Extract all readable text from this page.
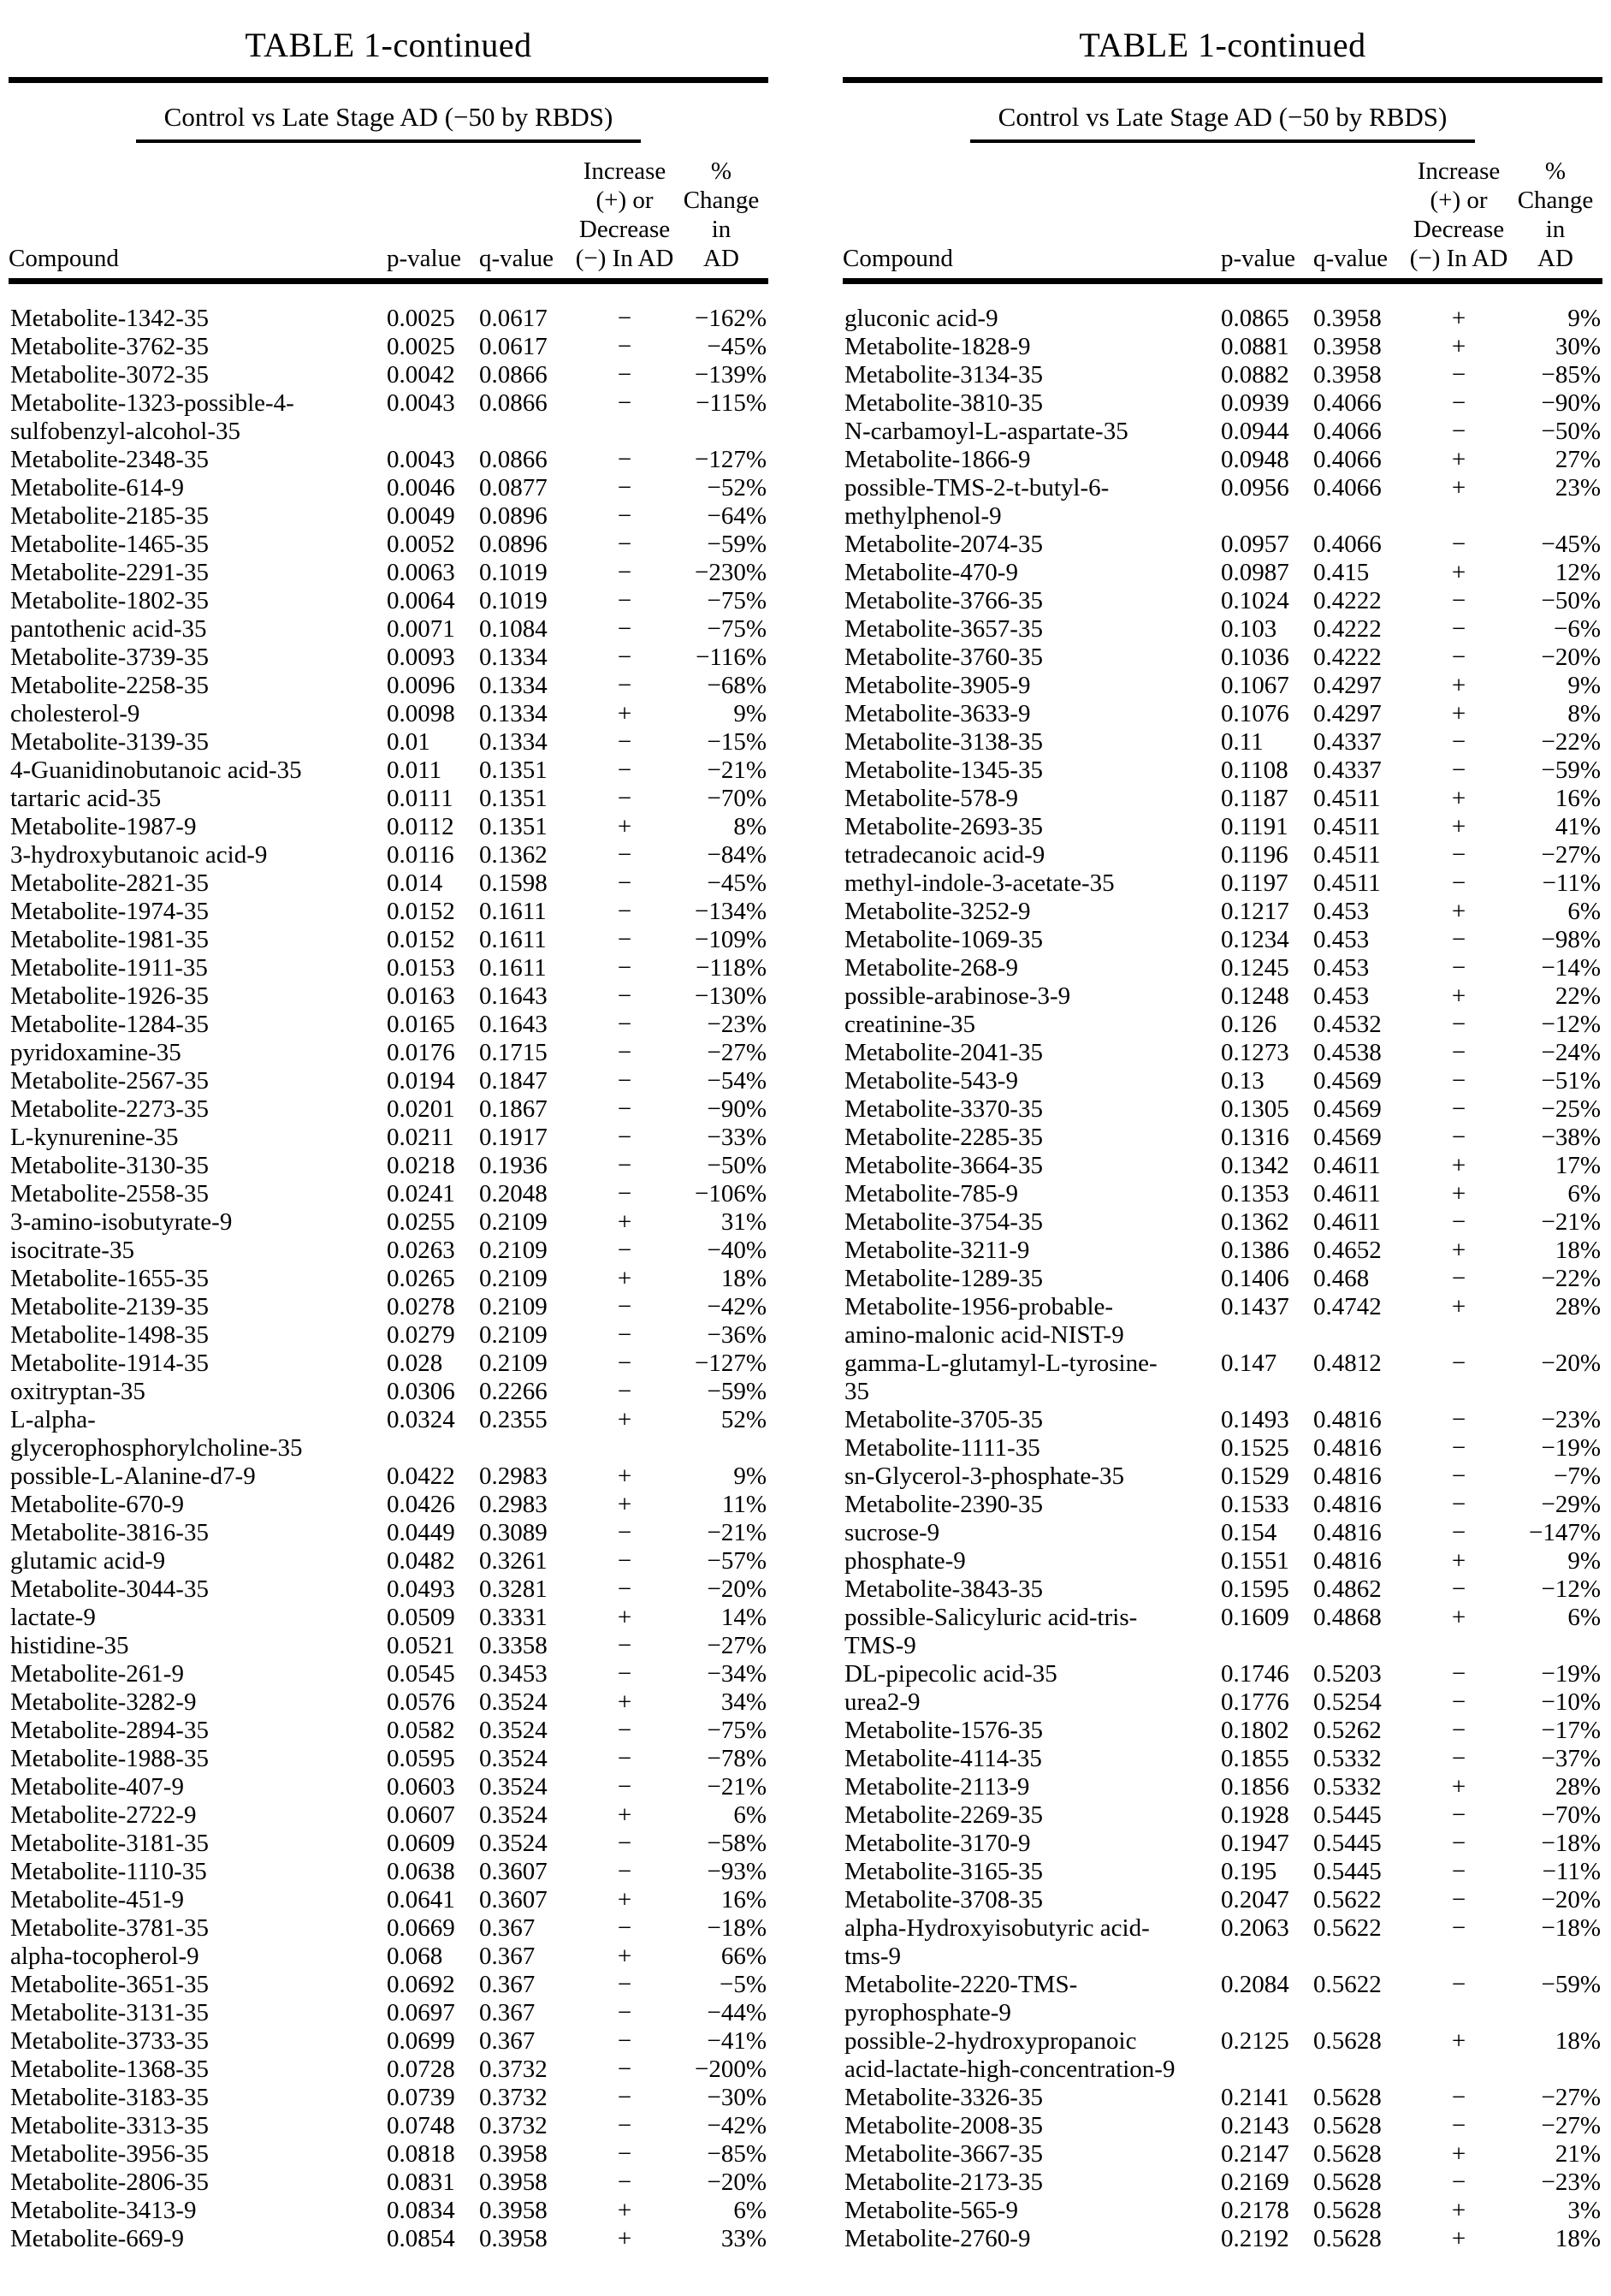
TABLE 1-continued
Control vs Late Stage AD (−50 by RBDS)
Compound	p-value q-value
Increase
(+) or
Decrease
(−) In AD
%
Change
in
AD
Metabolite-1342-35	0.0025 0.0617	−	−162%
Metabolite-3762-35	0.0025 0.0617	−	−45%
Metabolite-3072-35	0.0042 0.0866	−	−139%
Metabolite-1323-possible-4-
sulfobenzyl-alcohol-35
0.0043 0.0866	−	−115%
Metabolite-2348-35	0.0043 0.0866	−	−127%
Metabolite-614-9	0.0046 0.0877	−	−52%
Metabolite-2185-35	0.0049 0.0896	−	−64%
Metabolite-1465-35	0.0052 0.0896	−	−59%
Metabolite-2291-35	0.0063 0.1019	−	−230%
Metabolite-1802-35	0.0064 0.1019	−	−75%
pantothenic acid-35	0.0071 0.1084	−	−75%
Metabolite-3739-35	0.0093 0.1334	−	−116%
Metabolite-2258-35	0.0096 0.1334	−	−68%
cholesterol-9	0.0098 0.1334	+	9%
Metabolite-3139-35	0.01	0.1334	−	−15%
4-Guanidinobutanoic acid-35	0.011	0.1351	−	−21%
tartaric acid-35	0.0111	0.1351	−	−70%
Metabolite-1987-9	0.0112	0.1351	+	8%
3-hydroxybutanoic acid-9	0.0116	0.1362	−	−84%
Metabolite-2821-35	0.014	0.1598	−	−45%
Metabolite-1974-35	0.0152 0.1611	−	−134%
Metabolite-1981-35	0.0152 0.1611	−	−109%
Metabolite-1911-35	0.0153 0.1611	−	−118%
Metabolite-1926-35	0.0163 0.1643	−	−130%
Metabolite-1284-35	0.0165 0.1643	−	−23%
pyridoxamine-35	0.0176 0.1715	−	−27%
Metabolite-2567-35	0.0194 0.1847	−	−54%
Metabolite-2273-35	0.0201 0.1867	−	−90%
L-kynurenine-35	0.0211	0.1917	−	−33%
Metabolite-3130-35	0.0218 0.1936	−	−50%
Metabolite-2558-35	0.0241 0.2048	−	−106%
3-amino-isobutyrate-9	0.0255 0.2109	+	31%
isocitrate-35	0.0263 0.2109	−	−40%
Metabolite-1655-35	0.0265 0.2109	+	18%
Metabolite-2139-35	0.0278 0.2109	−	−42%
Metabolite-1498-35	0.0279 0.2109	−	−36%
Metabolite-1914-35	0.028	0.2109	−	−127%
oxitryptan-35	0.0306 0.2266	−	−59%
L-alpha-
glycerophosphorylcholine-35
0.0324 0.2355	+	52%
possible-L-Alanine-d7-9	0.0422 0.2983	+	9%
Metabolite-670-9	0.0426 0.2983	+	11%
Metabolite-3816-35	0.0449 0.3089	−	−21%
glutamic acid-9	0.0482 0.3261	−	−57%
Metabolite-3044-35	0.0493 0.3281	−	−20%
lactate-9	0.0509 0.3331	+	14%
histidine-35	0.0521 0.3358	−	−27%
Metabolite-261-9	0.0545 0.3453	−	−34%
Metabolite-3282-9	0.0576 0.3524	+	34%
Metabolite-2894-35	0.0582 0.3524	−	−75%
Metabolite-1988-35	0.0595 0.3524	−	−78%
Metabolite-407-9	0.0603 0.3524	−	−21%
Metabolite-2722-9	0.0607 0.3524	+	6%
Metabolite-3181-35	0.0609 0.3524	−	−58%
Metabolite-1110-35	0.0638 0.3607	−	−93%
Metabolite-451-9	0.0641 0.3607	+	16%
Metabolite-3781-35	0.0669 0.367	−	−18%
alpha-tocopherol-9	0.068	0.367	+	66%
Metabolite-3651-35	0.0692 0.367	−	−5%
Metabolite-3131-35	0.0697 0.367	−	−44%
Metabolite-3733-35	0.0699 0.367	−	−41%
Metabolite-1368-35	0.0728 0.3732	−	−200%
Metabolite-3183-35	0.0739 0.3732	−	−30%
Metabolite-3313-35	0.0748 0.3732	−	−42%
Metabolite-3956-35	0.0818 0.3958	−	−85%
Metabolite-2806-35	0.0831 0.3958	−	−20%
Metabolite-3413-9	0.0834 0.3958	+	6%
Metabolite-669-9	0.0854 0.3958	+	33%
TABLE 1-continued
Control vs Late Stage AD (−50 by RBDS)
Compound	p-value q-value
Increase
(+) or
Decrease
(−) In AD
%
Change
in
AD
gluconic acid-9	0.0865 0.3958	+	9%
Metabolite-1828-9	0.0881 0.3958	+	30%
Metabolite-3134-35	0.0882 0.3958	−	−85%
Metabolite-3810-35	0.0939 0.4066	−	−90%
N-carbamoyl-L-aspartate-35	0.0944 0.4066	−	−50%
Metabolite-1866-9	0.0948 0.4066	+	27%
possible-TMS-2-t-butyl-6-
methylphenol-9
0.0956 0.4066	+	23%
Metabolite-2074-35	0.0957 0.4066	−	−45%
Metabolite-470-9	0.0987 0.415	+	12%
Metabolite-3766-35	0.1024 0.4222	−	−50%
Metabolite-3657-35	0.103	0.4222	−	−6%
Metabolite-3760-35	0.1036 0.4222	−	−20%
Metabolite-3905-9	0.1067 0.4297	+	9%
Metabolite-3633-9	0.1076 0.4297	+	8%
Metabolite-3138-35	0.11	0.4337	−	−22%
Metabolite-1345-35	0.1108	0.4337	−	−59%
Metabolite-578-9	0.1187	0.4511	+	16%
Metabolite-2693-35	0.1191	0.4511	+	41%
tetradecanoic acid-9	0.1196	0.4511	−	−27%
methyl-indole-3-acetate-35	0.1197	0.4511	−	−11%
Metabolite-3252-9	0.1217 0.453	+	6%
Metabolite-1069-35	0.1234 0.453	−	−98%
Metabolite-268-9	0.1245 0.453	−	−14%
possible-arabinose-3-9	0.1248 0.453	+	22%
creatinine-35	0.126	0.4532	−	−12%
Metabolite-2041-35	0.1273 0.4538	−	−24%
Metabolite-543-9	0.13	0.4569	−	−51%
Metabolite-3370-35	0.1305 0.4569	−	−25%
Metabolite-2285-35	0.1316 0.4569	−	−38%
Metabolite-3664-35	0.1342 0.4611	+	17%
Metabolite-785-9	0.1353 0.4611	+	6%
Metabolite-3754-35	0.1362 0.4611	−	−21%
Metabolite-3211-9	0.1386 0.4652	+	18%
Metabolite-1289-35	0.1406 0.468	−	−22%
Metabolite-1956-probable-
amino-malonic acid-NIST-9
0.1437 0.4742	+	28%
gamma-L-glutamyl-L-tyrosine-
35
0.147	0.4812	−	−20%
Metabolite-3705-35	0.1493 0.4816	−	−23%
Metabolite-1111-35	0.1525 0.4816	−	−19%
sn-Glycerol-3-phosphate-35	0.1529 0.4816	−	−7%
Metabolite-2390-35	0.1533 0.4816	−	−29%
sucrose-9	0.154	0.4816	−	−147%
phosphate-9	0.1551 0.4816	+	9%
Metabolite-3843-35	0.1595 0.4862	−	−12%
possible-Salicyluric acid-tris-
TMS-9
0.1609 0.4868	+	6%
DL-pipecolic acid-35	0.1746 0.5203	−	−19%
urea2-9	0.1776 0.5254	−	−10%
Metabolite-1576-35	0.1802 0.5262	−	−17%
Metabolite-4114-35	0.1855 0.5332	−	−37%
Metabolite-2113-9	0.1856 0.5332	+	28%
Metabolite-2269-35	0.1928 0.5445	−	−70%
Metabolite-3170-9	0.1947 0.5445	−	−18%
Metabolite-3165-35	0.195	0.5445	−	−11%
Metabolite-3708-35	0.2047 0.5622	−	−20%
alpha-Hydroxyisobutyric acid-
tms-9
0.2063 0.5622	−	−18%
Metabolite-2220-TMS-
pyrophosphate-9
0.2084 0.5622	−	−59%
possible-2-hydroxypropanoic
acid-lactate-high-concentration-9
0.2125 0.5628	+	18%
Metabolite-3326-35	0.2141 0.5628	−	−27%
Metabolite-2008-35	0.2143 0.5628	−	−27%
Metabolite-3667-35	0.2147 0.5628	+	21%
Metabolite-2173-35	0.2169 0.5628	−	−23%
Metabolite-565-9	0.2178 0.5628	+	3%
Metabolite-2760-9	0.2192 0.5628	+	18%
